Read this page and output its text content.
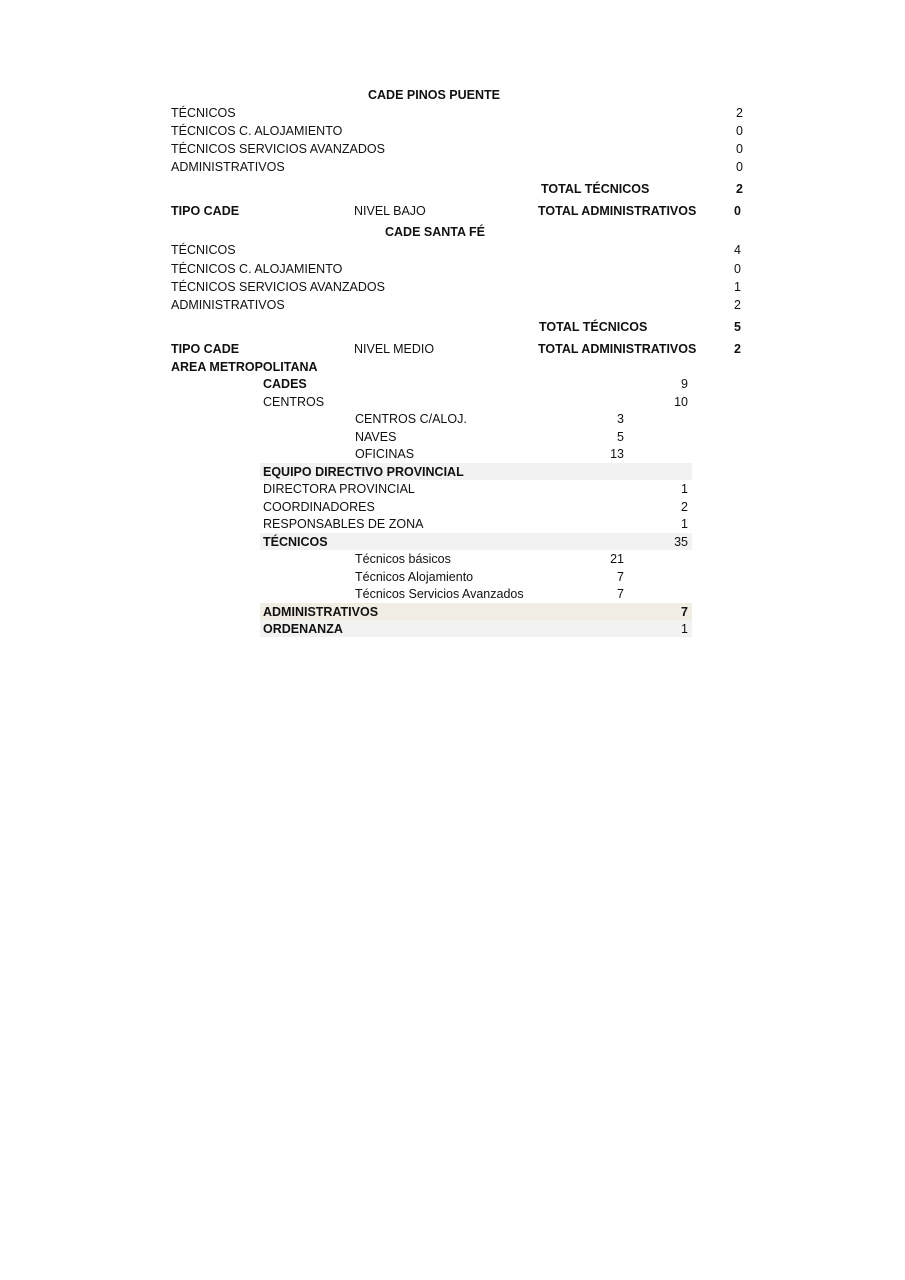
CADE PINOS PUENTE
TÉCNICOS	2
TÉCNICOS C. ALOJAMIENTO	0
TÉCNICOS SERVICIOS AVANZADOS	0
ADMINISTRATIVOS	0
TOTAL TÉCNICOS	2
TIPO CADE	NIVEL BAJO	TOTAL ADMINISTRATIVOS	0
CADE SANTA FÉ
TÉCNICOS	4
TÉCNICOS C. ALOJAMIENTO	0
TÉCNICOS SERVICIOS AVANZADOS	1
ADMINISTRATIVOS	2
TOTAL TÉCNICOS	5
TIPO CADE	NIVEL MEDIO	TOTAL ADMINISTRATIVOS	2
AREA METROPOLITANA
CADES	9
CENTROS	10
CENTROS C/ALOJ.	3
NAVES	5
OFICINAS	13
EQUIPO DIRECTIVO PROVINCIAL
DIRECTORA PROVINCIAL	1
COORDINADORES	2
RESPONSABLES DE ZONA	1
TÉCNICOS	35
Técnicos básicos	21
Técnicos Alojamiento	7
Técnicos Servicios Avanzados	7
ADMINISTRATIVOS	7
ORDENANZA	1
